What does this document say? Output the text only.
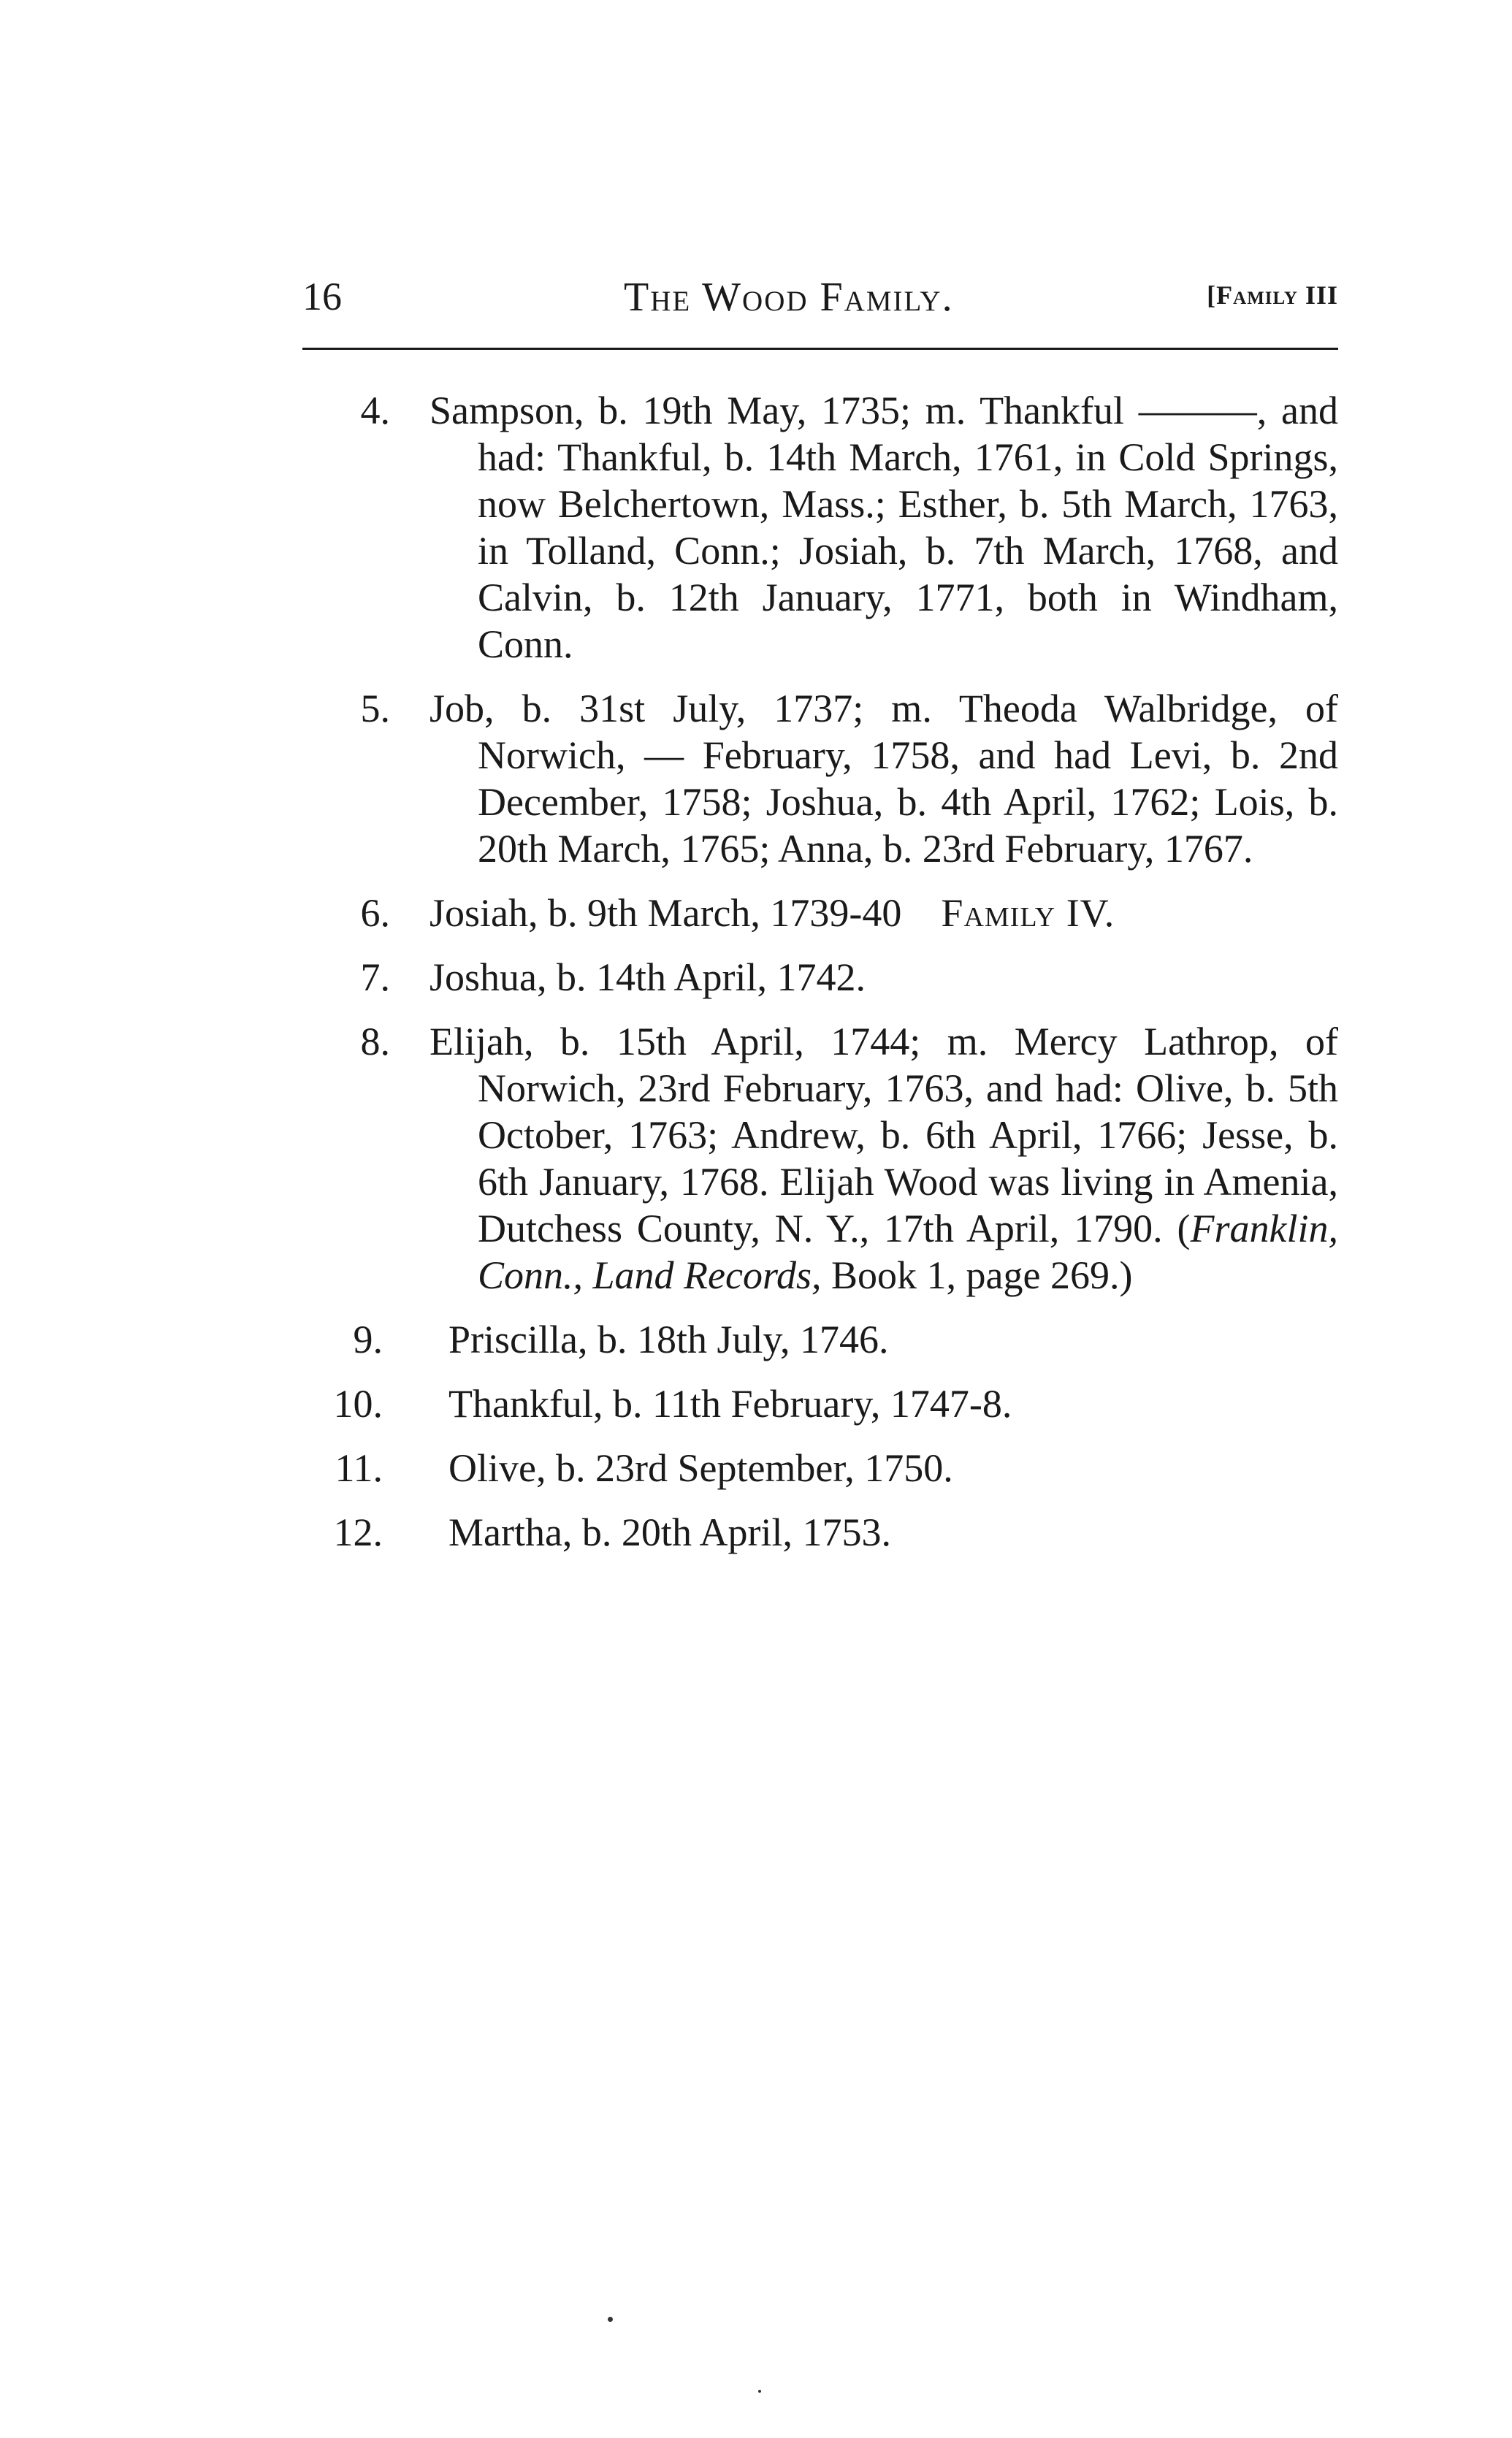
16	The Wood Family.	[Family III
4. Sampson, b. 19th May, 1735; m. Thankful ———, and had: Thankful, b. 14th March, 1761, in Cold Springs, now Belchertown, Mass.; Esther, b. 5th March, 1763, in Tolland, Conn.; Josiah, b. 7th March, 1768, and Calvin, b. 12th January, 1771, both in Windham, Conn.
5. Job, b. 31st July, 1737; m. Theoda Walbridge, of Norwich, — February, 1758, and had Levi, b. 2nd December, 1758; Joshua, b. 4th April, 1762; Lois, b. 20th March, 1765; Anna, b. 23rd February, 1767.
6. Josiah, b. 9th March, 1739-40 Family IV.
7. Joshua, b. 14th April, 1742.
8. Elijah, b. 15th April, 1744; m. Mercy Lathrop, of Norwich, 23rd February, 1763, and had: Olive, b. 5th October, 1763; Andrew, b. 6th April, 1766; Jesse, b. 6th January, 1768. Elijah Wood was living in Amenia, Dutchess County, N. Y., 17th April, 1790. (Franklin, Conn., Land Records, Book 1, page 269.)
9. Priscilla, b. 18th July, 1746.
10. Thankful, b. 11th February, 1747-8.
11. Olive, b. 23rd September, 1750.
12. Martha, b. 20th April, 1753.
